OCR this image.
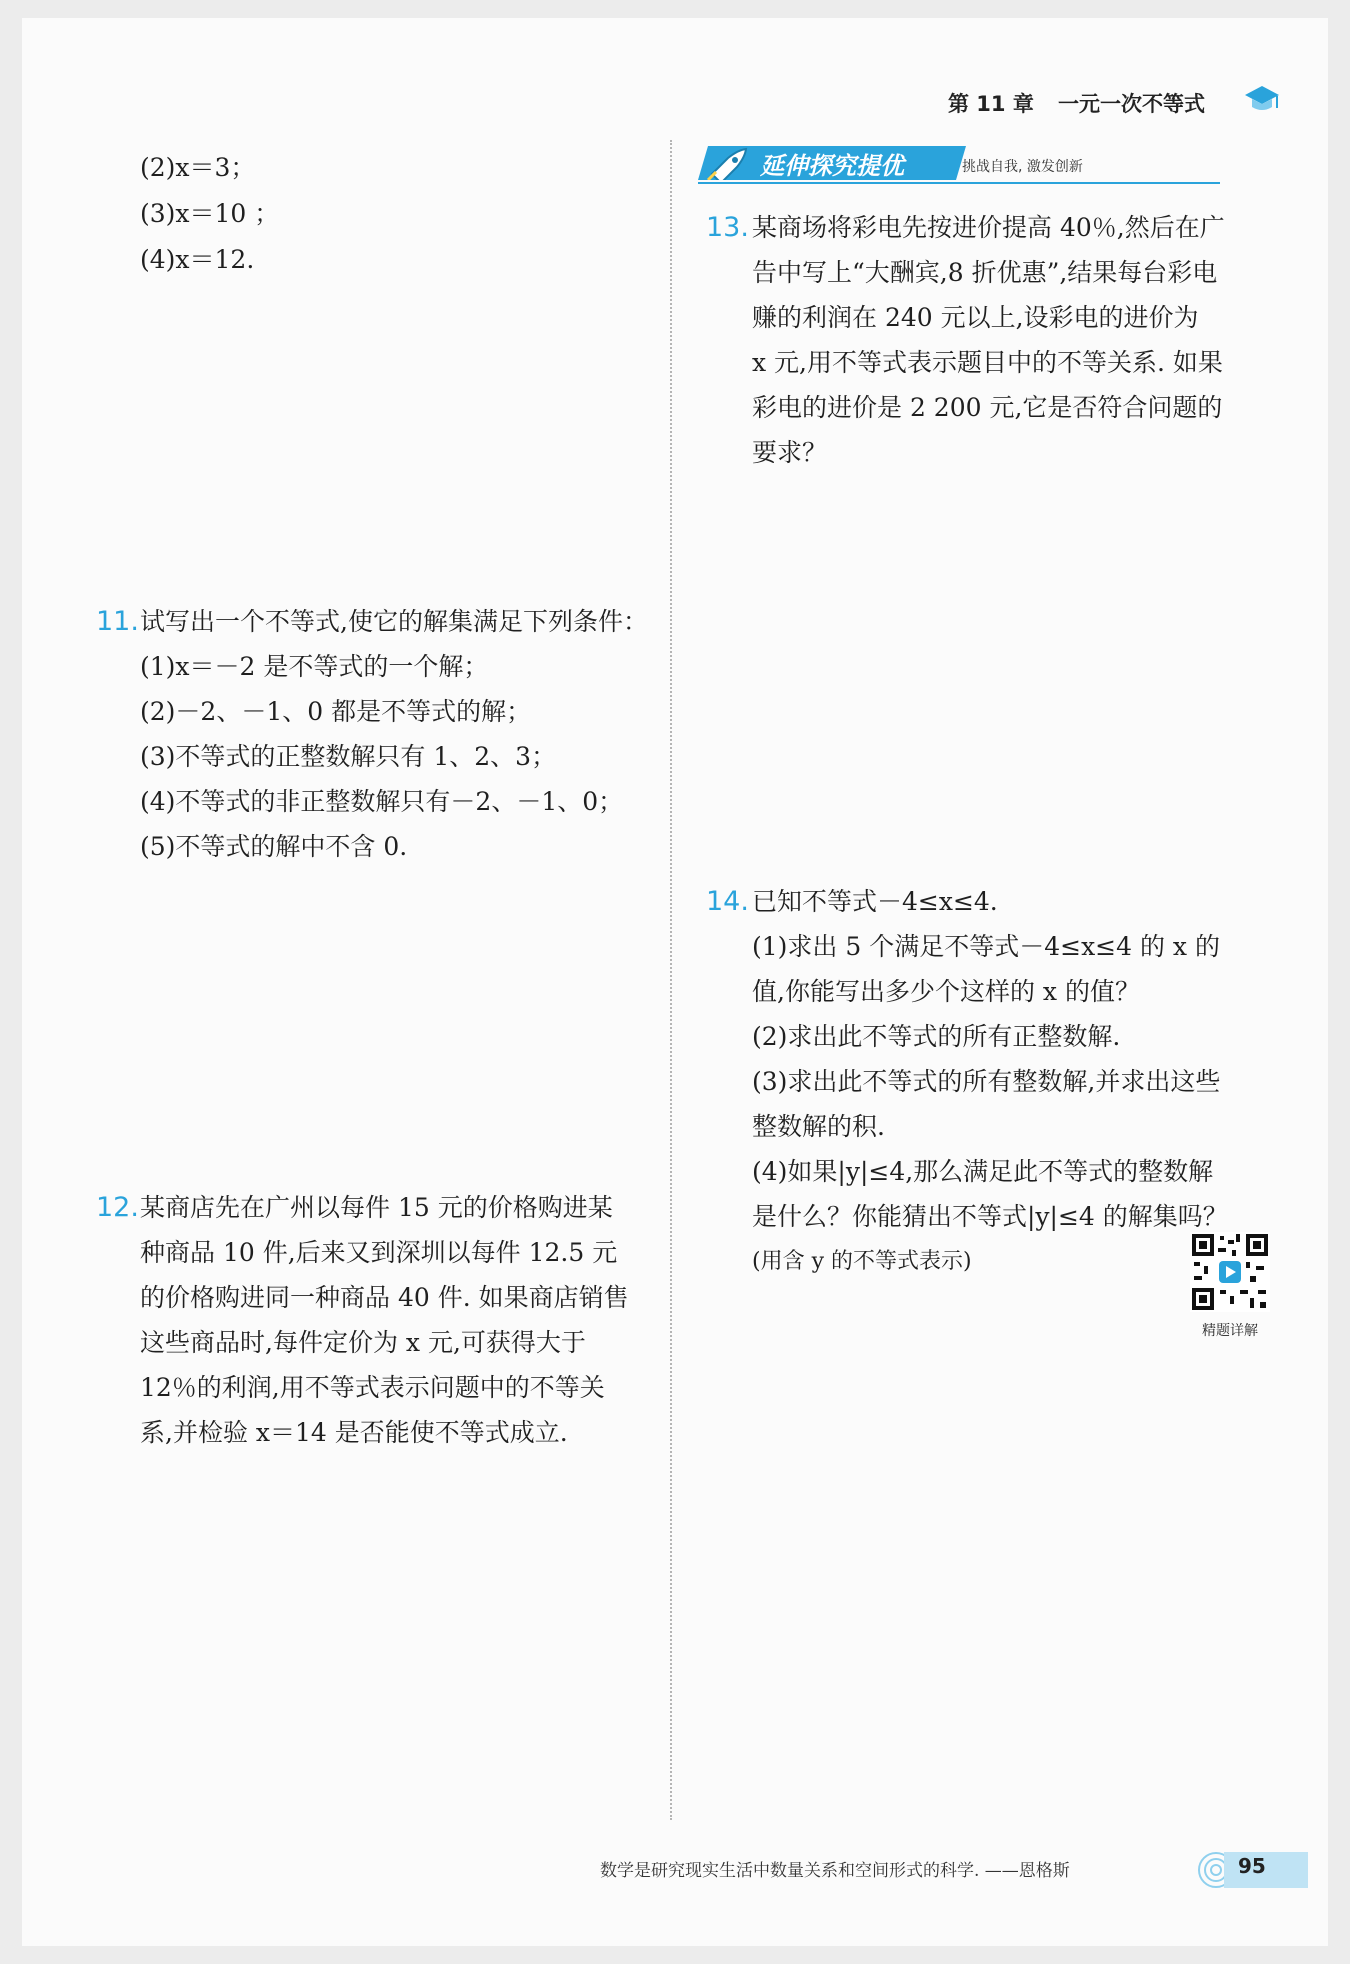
第 11 章 一元一次不等式
(2)x＝3；
(3)x＝10 ；
(4)x＝12.
11. 试写出一个不等式,使它的解集满足下列条件：
(1)x＝－2 是不等式的一个解；
(2)－2、－1、0 都是不等式的解；
(3)不等式的正整数解只有 1、2、3；
(4)不等式的非正整数解只有－2、－1、0；
(5)不等式的解中不含 0.
12. 某商店先在广州以每件 15 元的价格购进某
种商品 10 件,后来又到深圳以每件 12.5 元
的价格购进同一种商品 40 件. 如果商店销售
这些商品时,每件定价为 x 元,可获得大于
12％的利润,用不等式表示问题中的不等关
系,并检验 x＝14 是否能使不等式成立.
延伸探究提优	挑战自我, 激发创新
13. 某商场将彩电先按进价提高 40％,然后在广
告中写上“大酬宾,8 折优惠”,结果每台彩电
赚的利润在 240 元以上,设彩电的进价为
x 元,用不等式表示题目中的不等关系. 如果
彩电的进价是 2 200 元,它是否符合问题的
要求？
14. 已知不等式－4≤x≤4.
(1)求出 5 个满足不等式－4≤x≤4 的 x 的
值,你能写出多少个这样的 x 的值？
(2)求出此不等式的所有正整数解.
(3)求出此不等式的所有整数解,并求出这些
整数解的积.
(4)如果|y|≤4,那么满足此不等式的整数解
是什么？你能猜出不等式|y|≤4 的解集吗？
(用含 y 的不等式表示)
精题详解
数学是研究现实生活中数量关系和空间形式的科学. ——恩格斯	95
